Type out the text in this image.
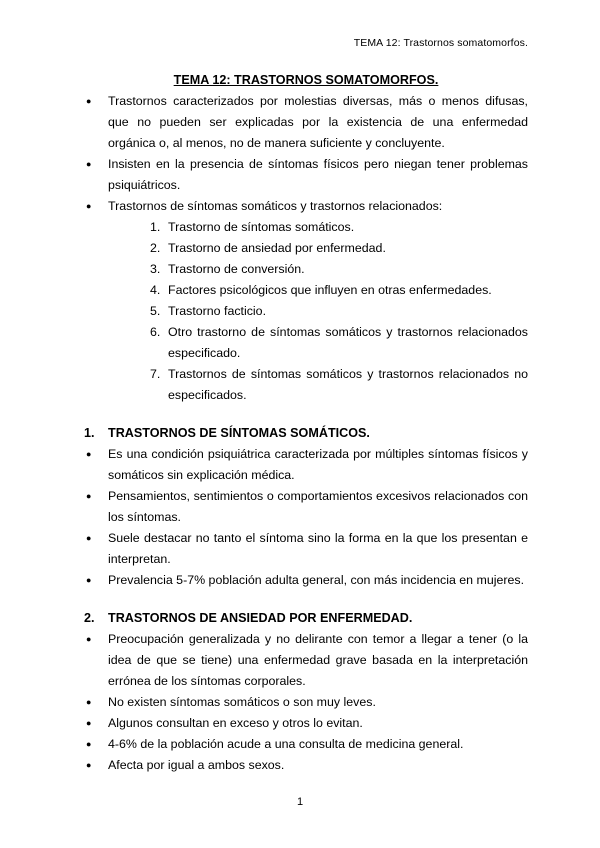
TEMA 12: Trastornos somatomorfos.
TEMA 12: TRASTORNOS SOMATOMORFOS.
● Trastornos caracterizados por molestias diversas, más o menos difusas, que no pueden ser explicadas por la existencia de una enfermedad orgánica o, al menos, no de manera suficiente y concluyente.
● Insisten en la presencia de síntomas físicos pero niegan tener problemas psiquiátricos.
● Trastornos de síntomas somáticos y trastornos relacionados:
1. Trastorno de síntomas somáticos.
2. Trastorno de ansiedad por enfermedad.
3. Trastorno de conversión.
4. Factores psicológicos que influyen en otras enfermedades.
5. Trastorno facticio.
6. Otro trastorno de síntomas somáticos y trastornos relacionados especificado.
7. Trastornos de síntomas somáticos y trastornos relacionados no especificados.
1. TRASTORNOS DE SÍNTOMAS SOMÁTICOS.
● Es una condición psiquiátrica caracterizada por múltiples síntomas físicos y somáticos sin explicación médica.
● Pensamientos, sentimientos o comportamientos excesivos relacionados con los síntomas.
● Suele destacar no tanto el síntoma sino la forma en la que los presentan e interpretan.
● Prevalencia 5-7% población adulta general, con más incidencia en mujeres.
2. TRASTORNOS DE ANSIEDAD POR ENFERMEDAD.
● Preocupación generalizada y no delirante con temor a llegar a tener (o la idea de que se tiene) una enfermedad grave basada en la interpretación errónea de los síntomas corporales.
● No existen síntomas somáticos o son muy leves.
● Algunos consultan en exceso y otros lo evitan.
● 4-6% de la población acude a una consulta de medicina general.
● Afecta por igual a ambos sexos.
1
